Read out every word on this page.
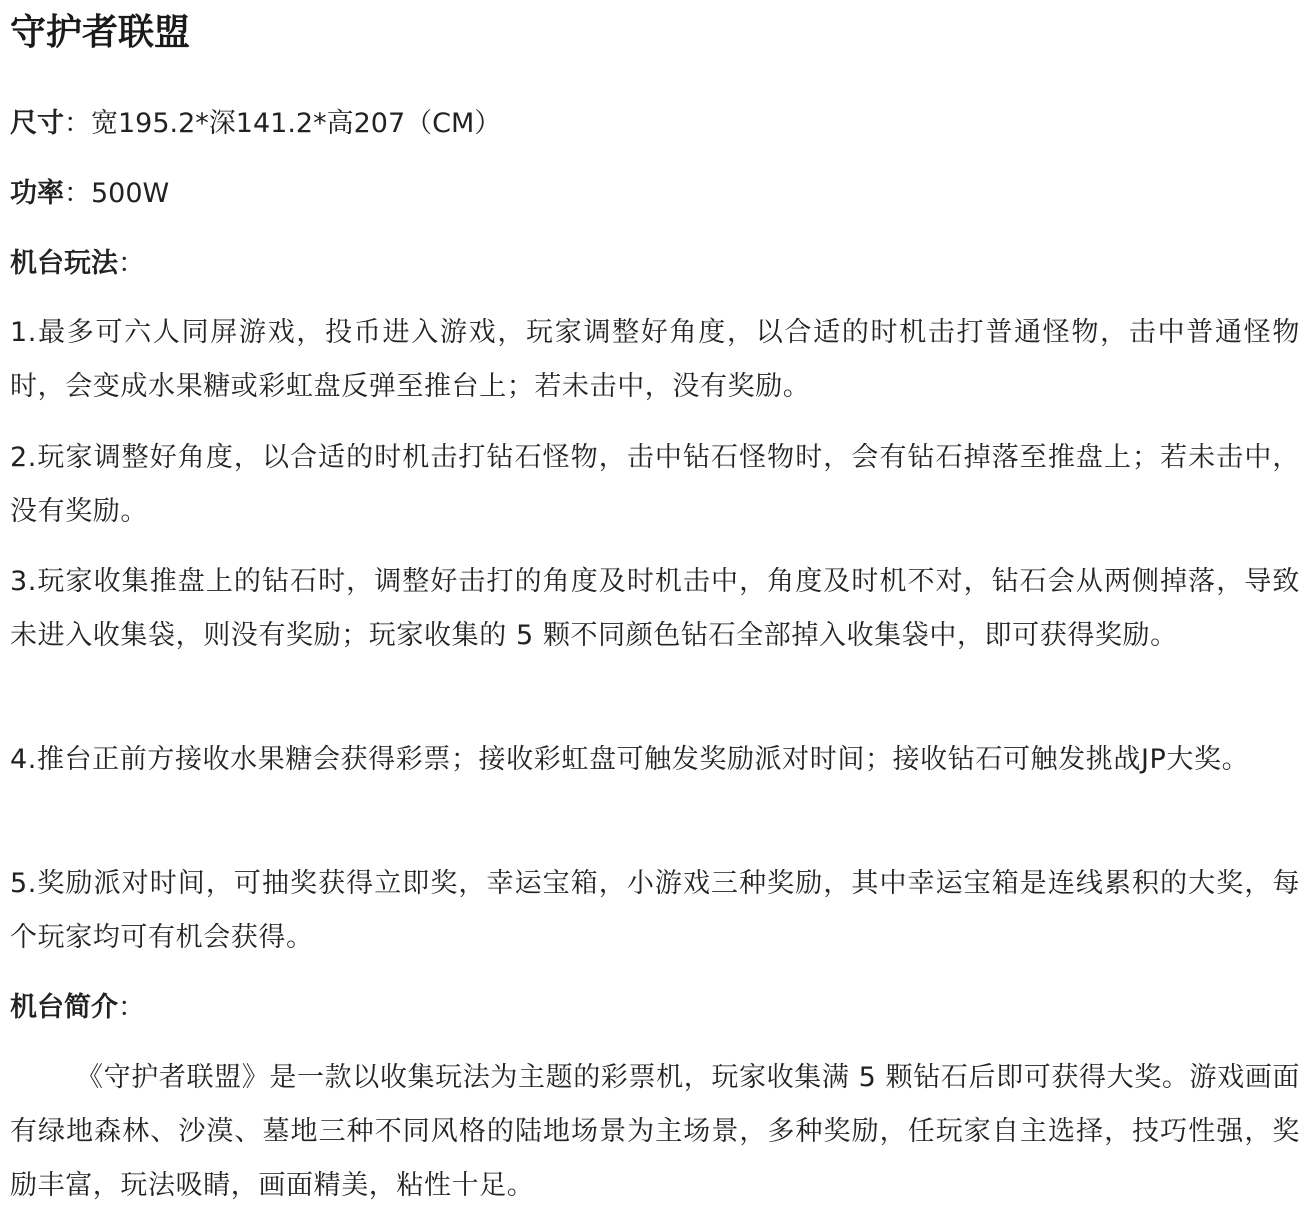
守护者联盟

尺寸：宽195.2*深141.2*高207（CM）

功率：500W

机台玩法：

1.最多可六人同屏游戏，投币进入游戏，玩家调整好角度，以合适的时机击打普通怪物，击中普通怪物时，会变成水果糖或彩虹盘反弹至推台上；若未击中，没有奖励。

2.玩家调整好角度，以合适的时机击打钻石怪物，击中钻石怪物时，会有钻石掉落至推盘上；若未击中，没有奖励。

3.玩家收集推盘上的钻石时，调整好击打的角度及时机击中，角度及时机不对，钻石会从两侧掉落，导致未进入收集袋，则没有奖励；玩家收集的 5 颗不同颜色钻石全部掉入收集袋中，即可获得奖励。

4.推台正前方接收水果糖会获得彩票；接收彩虹盘可触发奖励派对时间；接收钻石可触发挑战JP大奖。

5.奖励派对时间，可抽奖获得立即奖，幸运宝箱，小游戏三种奖励，其中幸运宝箱是连线累积的大奖，每个玩家均可有机会获得。

机台简介：

《守护者联盟》是一款以收集玩法为主题的彩票机，玩家收集满 5 颗钻石后即可获得大奖。游戏画面有绿地森林、沙漠、墓地三种不同风格的陆地场景为主场景，多种奖励，任玩家自主选择，技巧性强，奖励丰富，玩法吸睛，画面精美，粘性十足。
